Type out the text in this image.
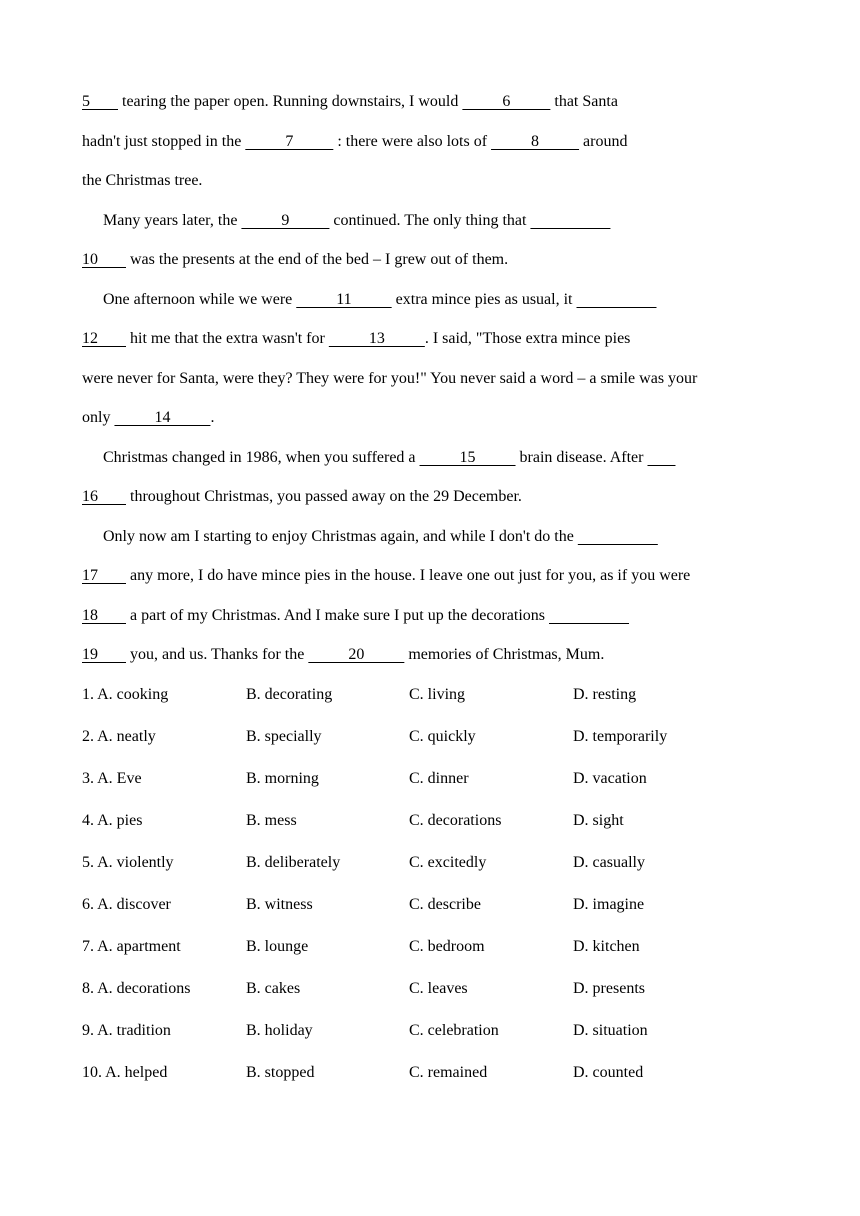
5        tearing the paper open. Running downstairs, I would           6           that Santa
hadn't just stopped in the           7           : there were also lots of           8           around
the Christmas tree.
Many years later, the           9           continued. The only thing that
10        was the presents at the end of the bed – I grew out of them.
One afternoon while we were           11           extra mince pies as usual, it
12        hit me that the extra wasn't for           13          . I said, "Those extra mince pies
were never for Santa, were they? They were for you!" You never said a word – a smile was your
only           14          .
Christmas changed in 1986, when you suffered a           15           brain disease. After
16        throughout Christmas, you passed away on the 29 December.
Only now am I starting to enjoy Christmas again, and while I don't do the
17        any more, I do have mince pies in the house. I leave one out just for you, as if you were
18        a part of my Christmas. And I make sure I put up the decorations
19        you, and us. Thanks for the           20           memories of Christmas, Mum.
1. A. cooking	B. decorating	C. living	D. resting
2. A. neatly	B. specially	C. quickly	D. temporarily
3. A. Eve	B. morning	C. dinner	D. vacation
4. A. pies	B. mess	C. decorations	D. sight
5. A. violently	B. deliberately	C. excitedly	D. casually
6. A. discover	B. witness	C. describe	D. imagine
7. A. apartment	B. lounge	C. bedroom	D. kitchen
8. A. decorations	B. cakes	C. leaves	D. presents
9. A. tradition	B. holiday	C. celebration	D. situation
10. A. helped	B. stopped	C. remained	D. counted
